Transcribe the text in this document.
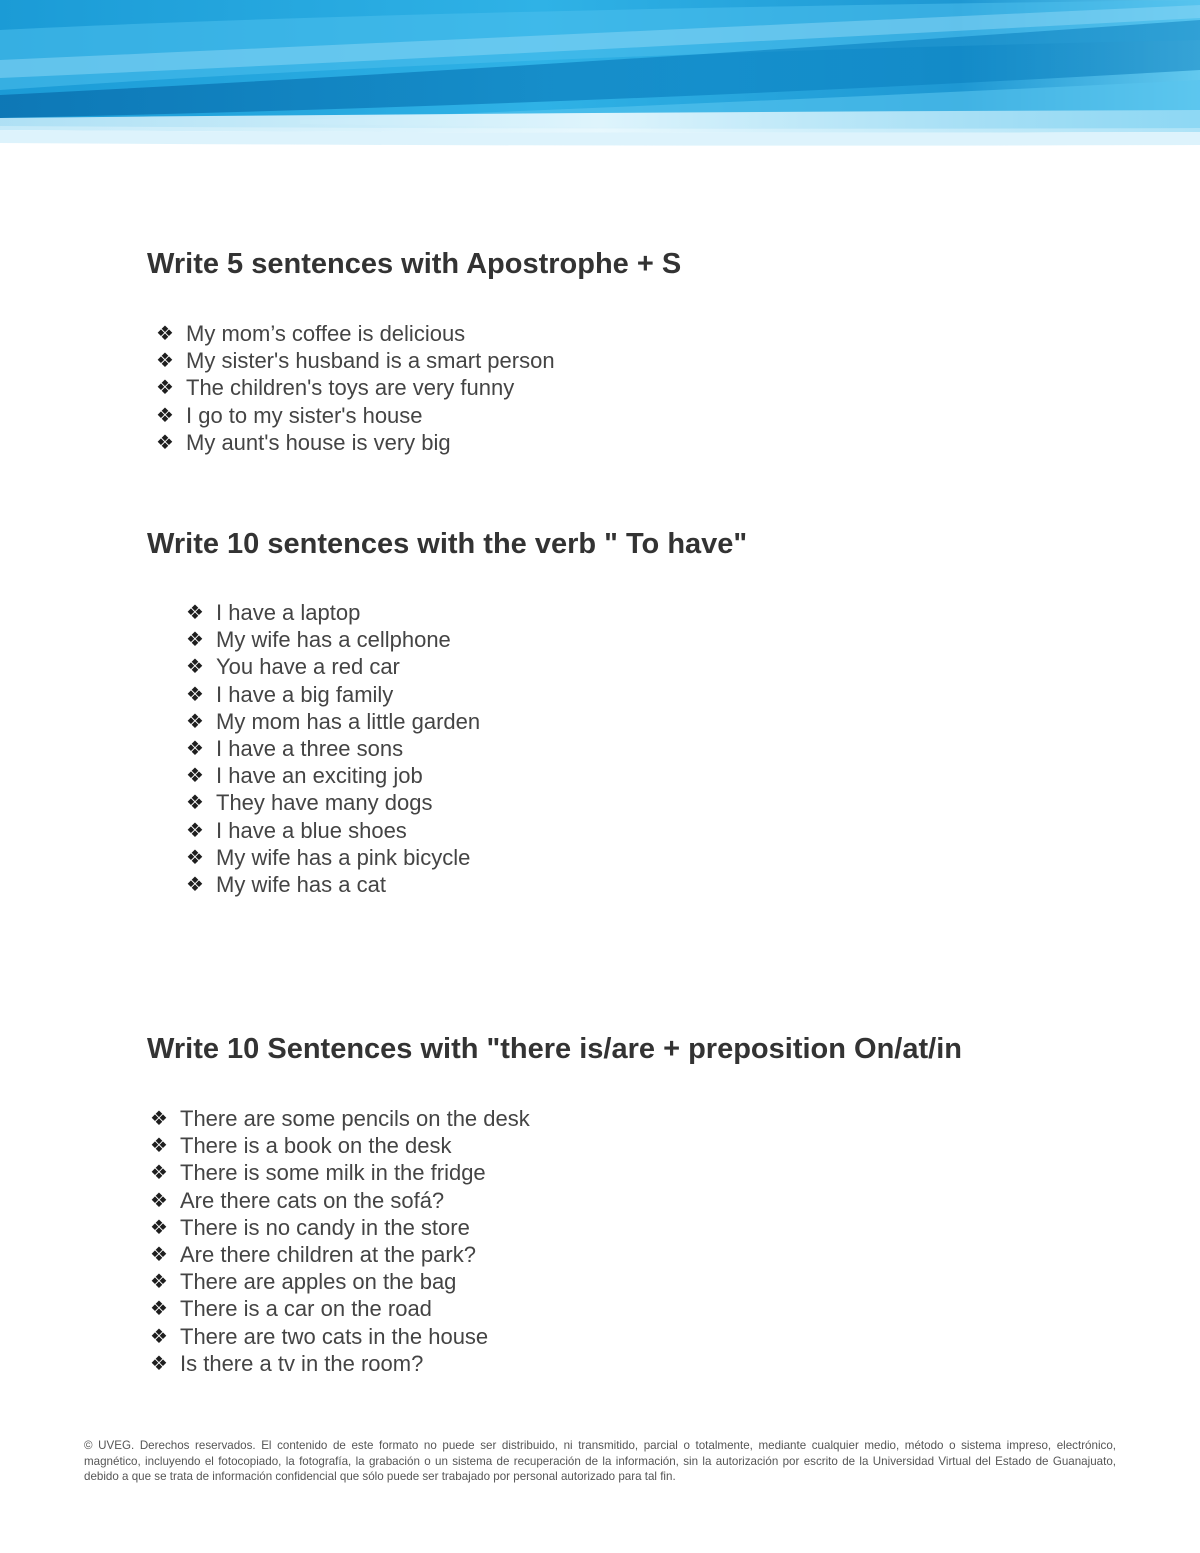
Write 5 sentences with Apostrophe + S
❖ My mom’s coffee is delicious
❖ My sister's husband is a smart person
❖ The children's toys are very funny
❖ I go to my sister's house
❖ My aunt's house is very big
Write 10 sentences with the verb " To have"
❖ I have a laptop
❖ My wife has a cellphone
❖ You have a red car
❖ I have a big family
❖ My mom has a little garden
❖ I have a three sons
❖ I have an exciting job
❖ They have many dogs
❖ I have a blue shoes
❖ My wife has a pink bicycle
❖ My wife has a cat
Write 10 Sentences with "there is/are + preposition On/at/in
❖ There are some pencils on the desk
❖ There is a book on the desk
❖ There is some milk in the fridge
❖ Are there cats on the sofá?
❖ There is no candy in the store
❖ Are there children at the park?
❖ There are apples on the bag
❖ There is a car on the road
❖ There are two cats in the house
❖ Is there a tv in the room?

© UVEG. Derechos reservados. El contenido de este formato no puede ser distribuido, ni transmitido, parcial o totalmente, mediante cualquier medio, método o sistema impreso, electrónico, magnético, incluyendo el fotocopiado, la fotografía, la grabación o un sistema de recuperación de la información, sin la autorización por escrito de la Universidad Virtual del Estado de Guanajuato, debido a que se trata de información confidencial que sólo puede ser trabajado por personal autorizado para tal fin.
